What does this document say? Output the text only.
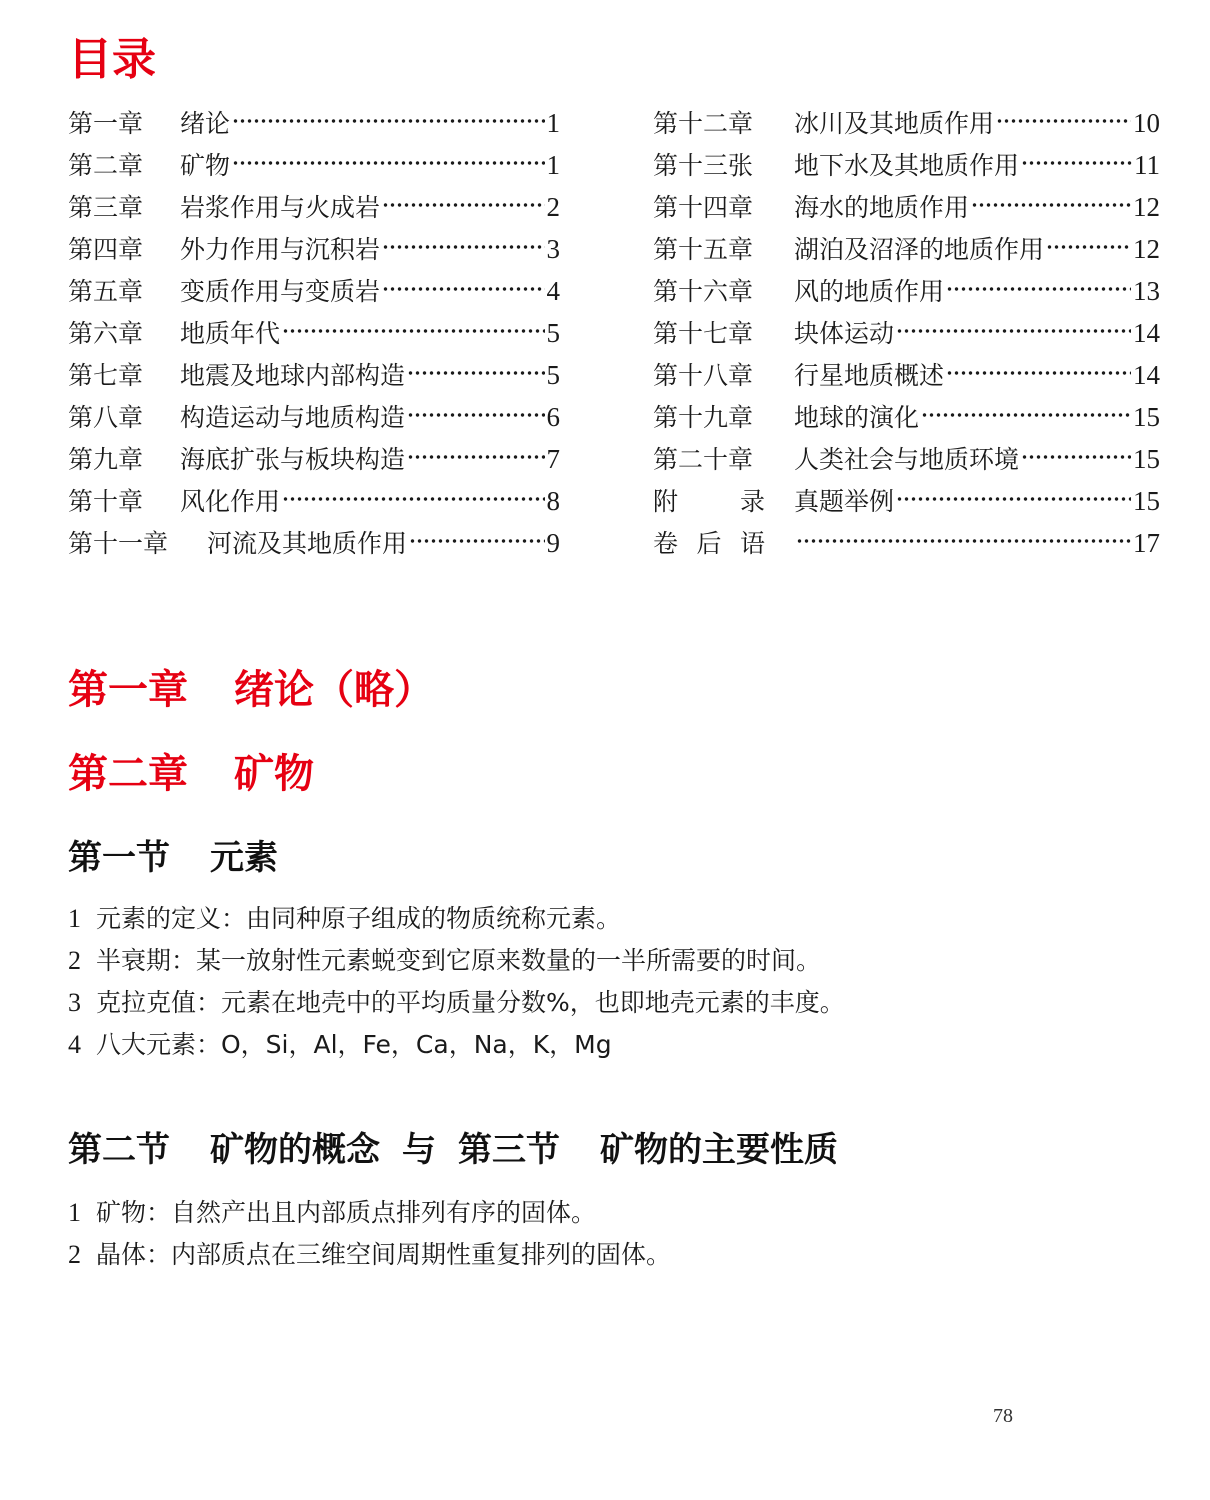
目录
第一章	绪论	1
第二章	矿物	1
第三章	岩浆作用与火成岩	2
第四章	外力作用与沉积岩	3
第五章	变质作用与变质岩	4
第六章	地质年代	5
第七章	地震及地球内部构造	5
第八章	构造运动与地质构造	6
第九章	海底扩张与板块构造	7
第十章	风化作用	8
第十一章	河流及其地质作用	9
第十二章	冰川及其地质作用	10
第十三张	地下水及其地质作用	11
第十四章	海水的地质作用	12
第十五章	湖泊及沼泽的地质作用	12
第十六章	风的地质作用	13
第十七章	块体运动	14
第十八章	行星地质概述	14
第十九章	地球的演化	15
第二十章	人类社会与地质环境	15
附录 真题举例	15
卷后语	17
第一章 绪论（略）
第二章 矿物
第一节 元素
1 元素的定义：由同种原子组成的物质统称元素。
2 半衰期：某一放射性元素蜕变到它原来数量的一半所需要的时间。
3 克拉克值：元素在地壳中的平均质量分数%，也即地壳元素的丰度。
4 八大元素：O，Si，Al，Fe，Ca，Na，K，Mg
第二节 矿物的概念 与 第三节 矿物的主要性质
1 矿物：自然产出且内部质点排列有序的固体。
2 晶体：内部质点在三维空间周期性重复排列的固体。
78
